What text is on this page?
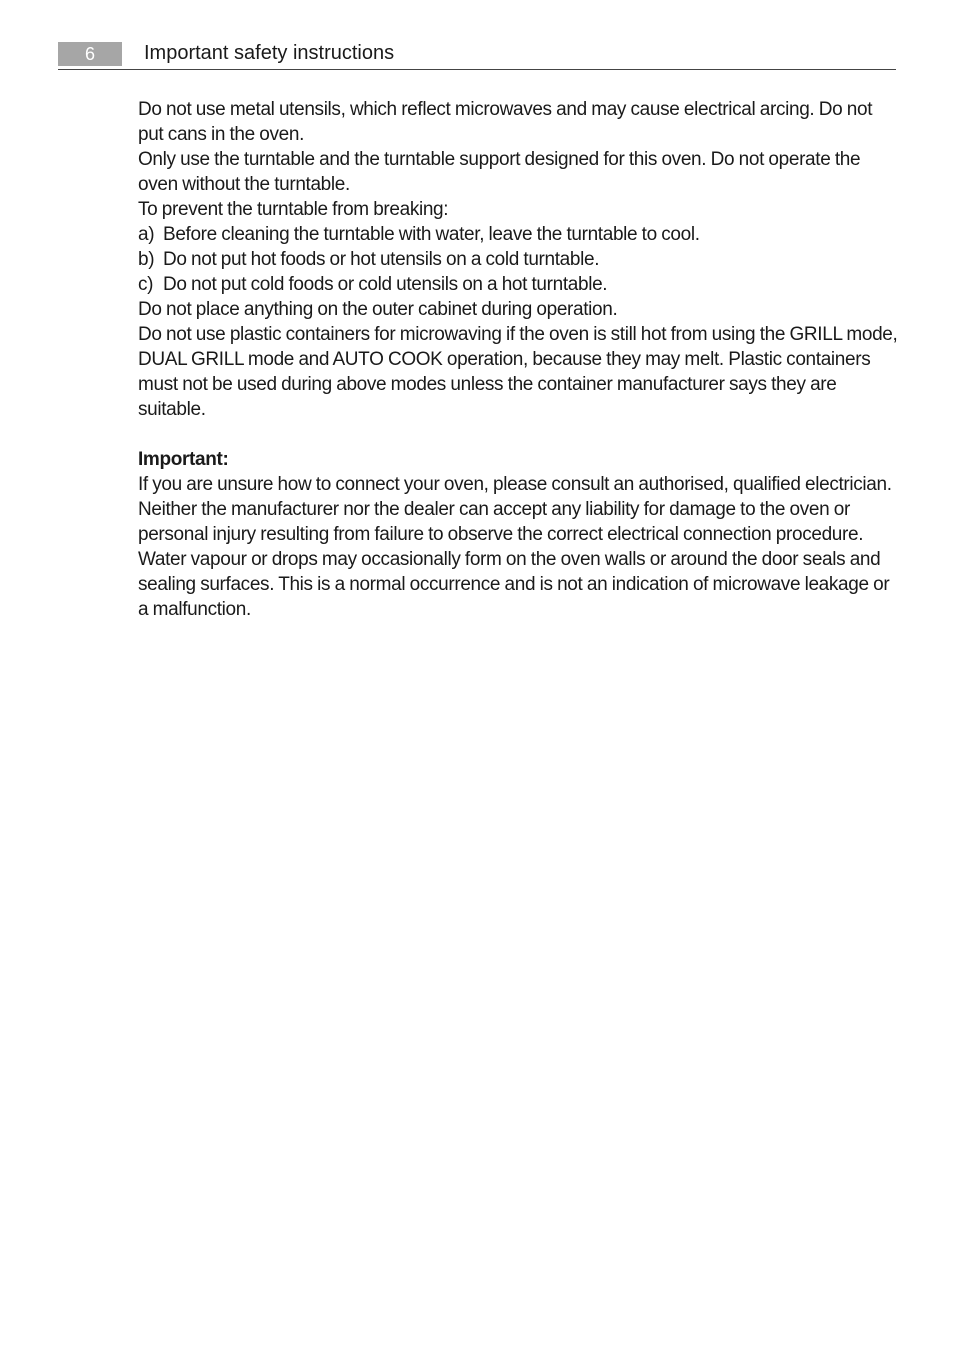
6	Important safety instructions

Do not use metal utensils, which reflect microwaves and may cause electrical arcing. Do not put cans in the oven.

Only use the turntable and the turntable support designed for this oven. Do not operate the oven without the turntable.

To prevent the turntable from breaking:

a) Before cleaning the turntable with water, leave the turntable to cool.
b) Do not put hot foods or hot utensils on a cold turntable.
c) Do not put cold foods or cold utensils on a hot turntable.

Do not place anything on the outer cabinet during operation.

Do not use plastic containers for microwaving if the oven is still hot from using the GRILL mode, DUAL GRILL mode and AUTO COOK operation, because they may melt. Plastic containers must not be used during above modes unless the container manufacturer says they are suitable.

Important:

If you are unsure how to connect your oven, please consult an authorised, qualified electrician.

Neither the manufacturer nor the dealer can accept any liability for damage to the oven or personal injury resulting from failure to observe the correct electrical connection procedure.

Water vapour or drops may occasionally form on the oven walls or around the door seals and sealing surfaces. This is a normal occurrence and is not an indication of microwave leakage or a malfunction.
